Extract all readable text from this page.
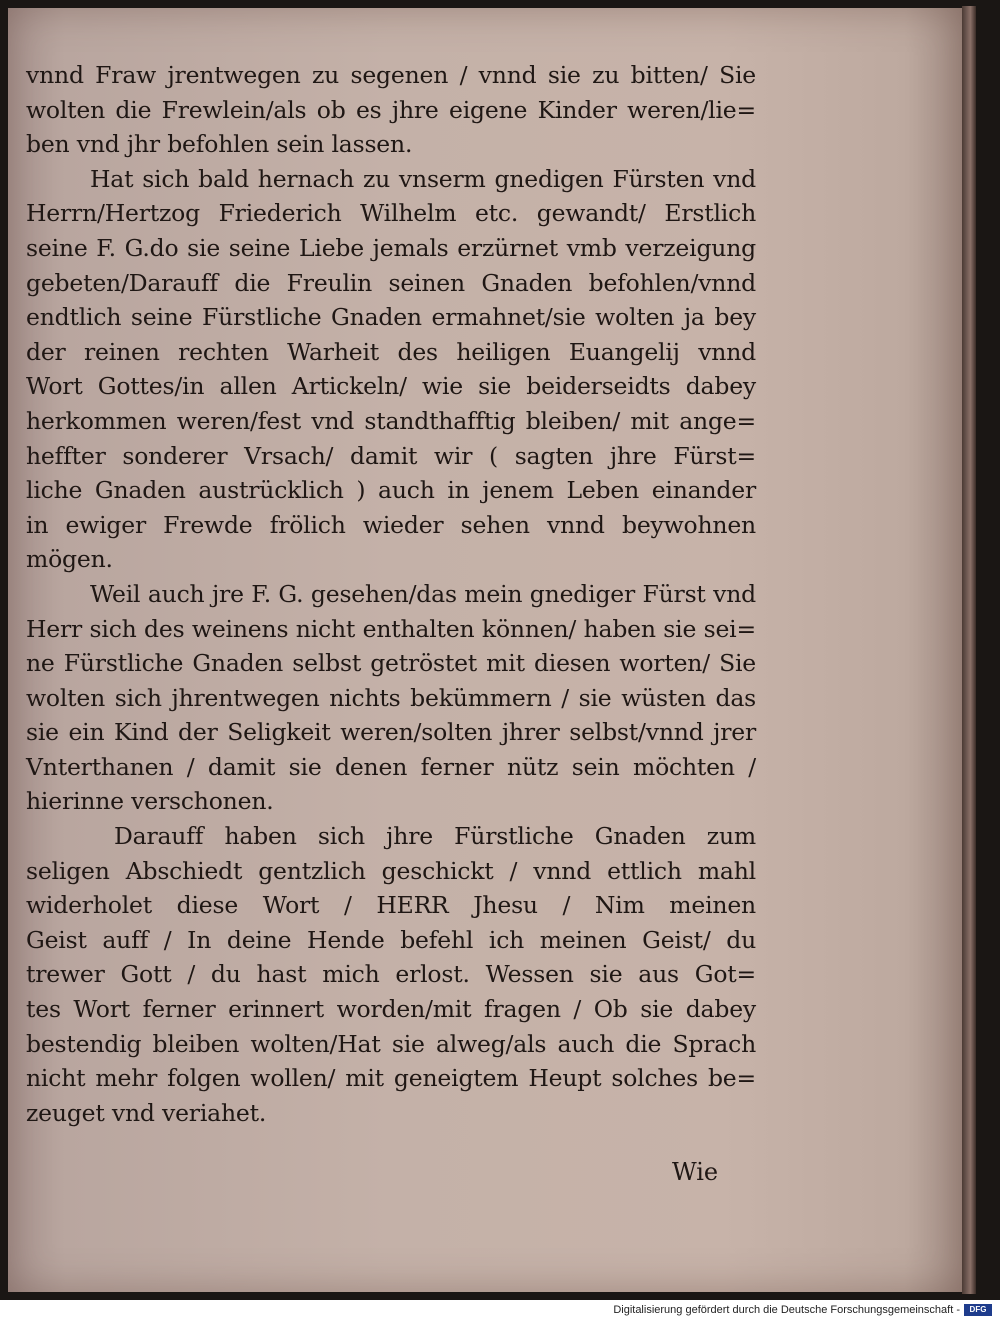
vnnd Fraw jrentwegen zu segenen / vnnd sie zu bitten/ Sie
wolten die Frewlein/als ob es jhre eigene Kinder weren/lie=
ben vnd jhr befohlen sein lassen.
Hat sich bald hernach zu vnserm gnedigen Fürsten vnd
Herrn/Hertzog Friederich Wilhelm etc. gewandt/ Erstlich
seine F. G.do sie seine Liebe jemals erzürnet vmb verzeigung
gebeten/Darauff die Freulin seinen Gnaden befohlen/vnnd
endtlich seine Fürstliche Gnaden ermahnet/sie wolten ja bey
der reinen rechten Warheit des heiligen Euangelij vnnd
Wort Gottes/in allen Artickeln/ wie sie beiderseidts dabey
herkommen weren/fest vnd standthafftig bleiben/ mit ange=
hеffter sonderer Vrsach/ damit wir ( sagten jhre Fürst=
liche Gnaden austrücklich ) auch in jenem Leben einander
in ewiger Frewde frölich wieder sehen vnnd beywohnen
mögen.
Weil auch jre F. G. gesehen/das mein gnediger Fürst vnd
Herr sich des weinens nicht enthalten können/ haben sie sei=
ne Fürstliche Gnaden selbst getröstet mit diesen worten/ Sie
wolten sich jhrentwegen nichts bekümmern / sie wüsten das
sie ein Kind der Seligkeit weren/solten jhrer selbst/vnnd jrer
Vnterthanen / damit sie denen ferner nütz sein möchten /
hierinne verschonen.
Darauff haben sich jhre Fürstliche Gnaden zum
seligen Abschiedt gentzlich geschickt / vnnd ettlich mahl
widerholet diese Wort / HERR Jhesu / Nim meinen
Geist auff / In deine Hende befehl ich meinen Geist/ du
trewer Gott / du hast mich erlost. Wessen sie aus Got=
tes Wort ferner erinnert worden/mit fragen / Ob sie dabey
bestendig bleiben wolten/Hat sie alweg/als auch die Sprach
nicht mehr folgen wollen/ mit geneigtem Heupt solches be=
zeuget vnd veriahet.
Wie
Digitalisierung gefördert durch die Deutsche Forschungsgemeinschaft -	DFG
